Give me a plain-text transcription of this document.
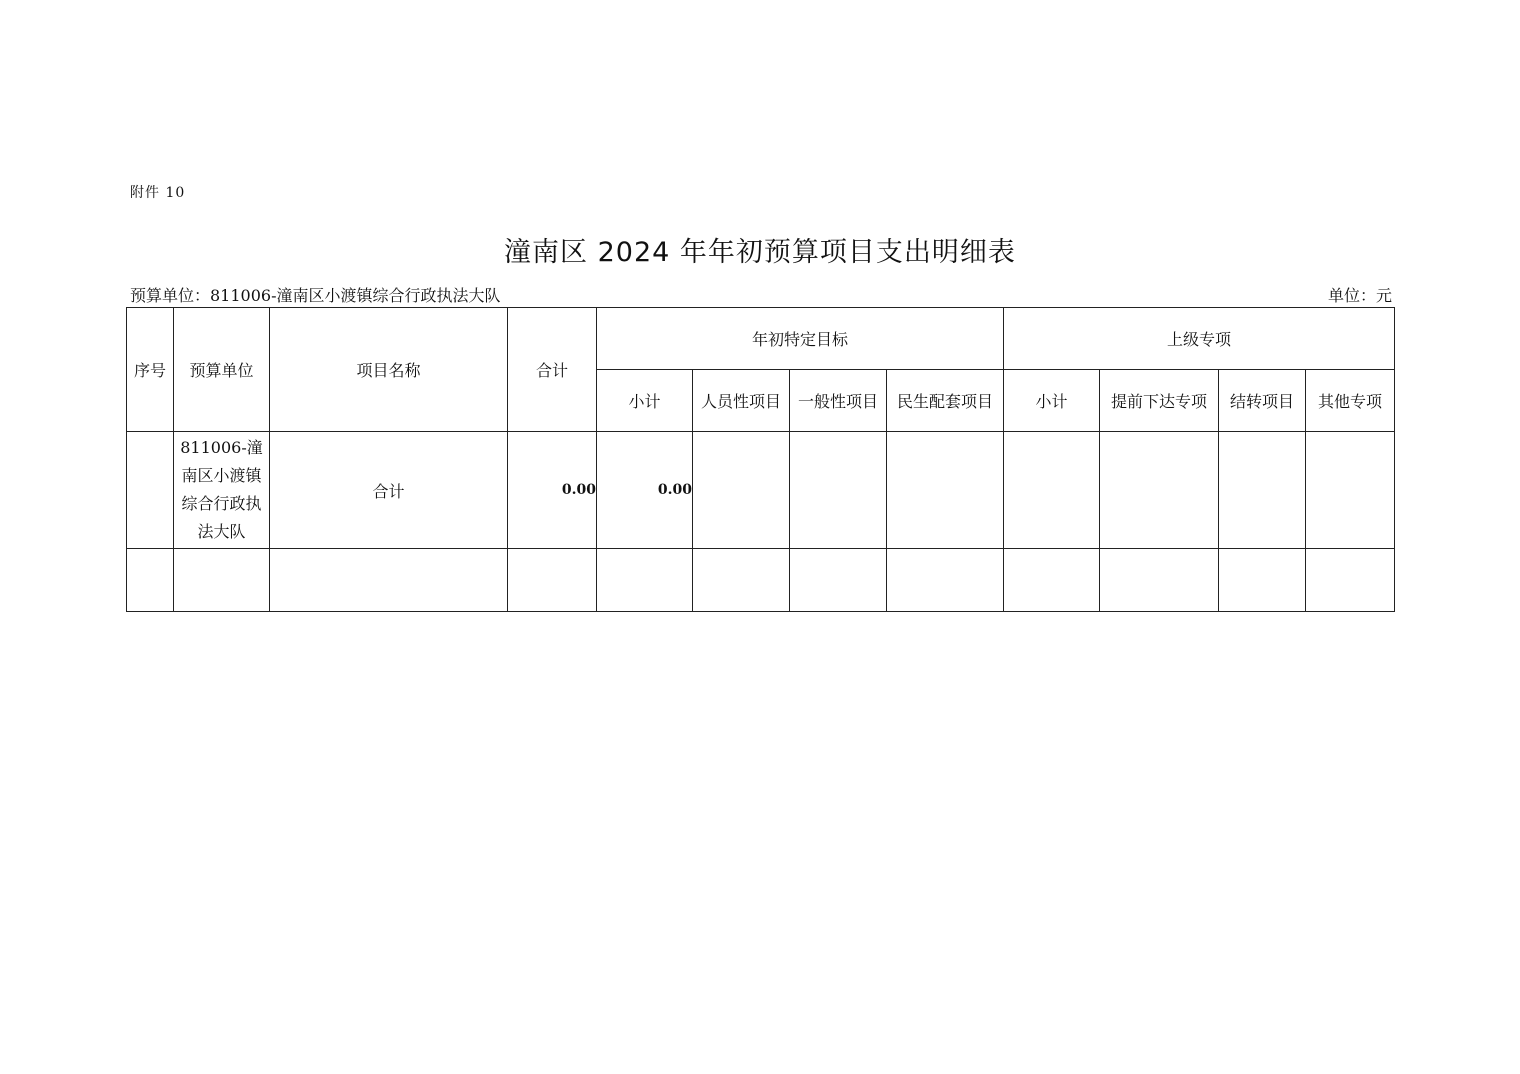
附件 10
潼南区 2024 年年初预算项目支出明细表
预算单位：811006-潼南区小渡镇综合行政执法大队	单位：元
序号	预算单位	项目名称	合计	年初特定目标				上级专项			
				小计	人员性项目	一般性项目	民生配套项目	小计	提前下达专项	结转项目	其他专项
	811006-潼南区小渡镇综合行政执法大队	合计	0.00	0.00							
